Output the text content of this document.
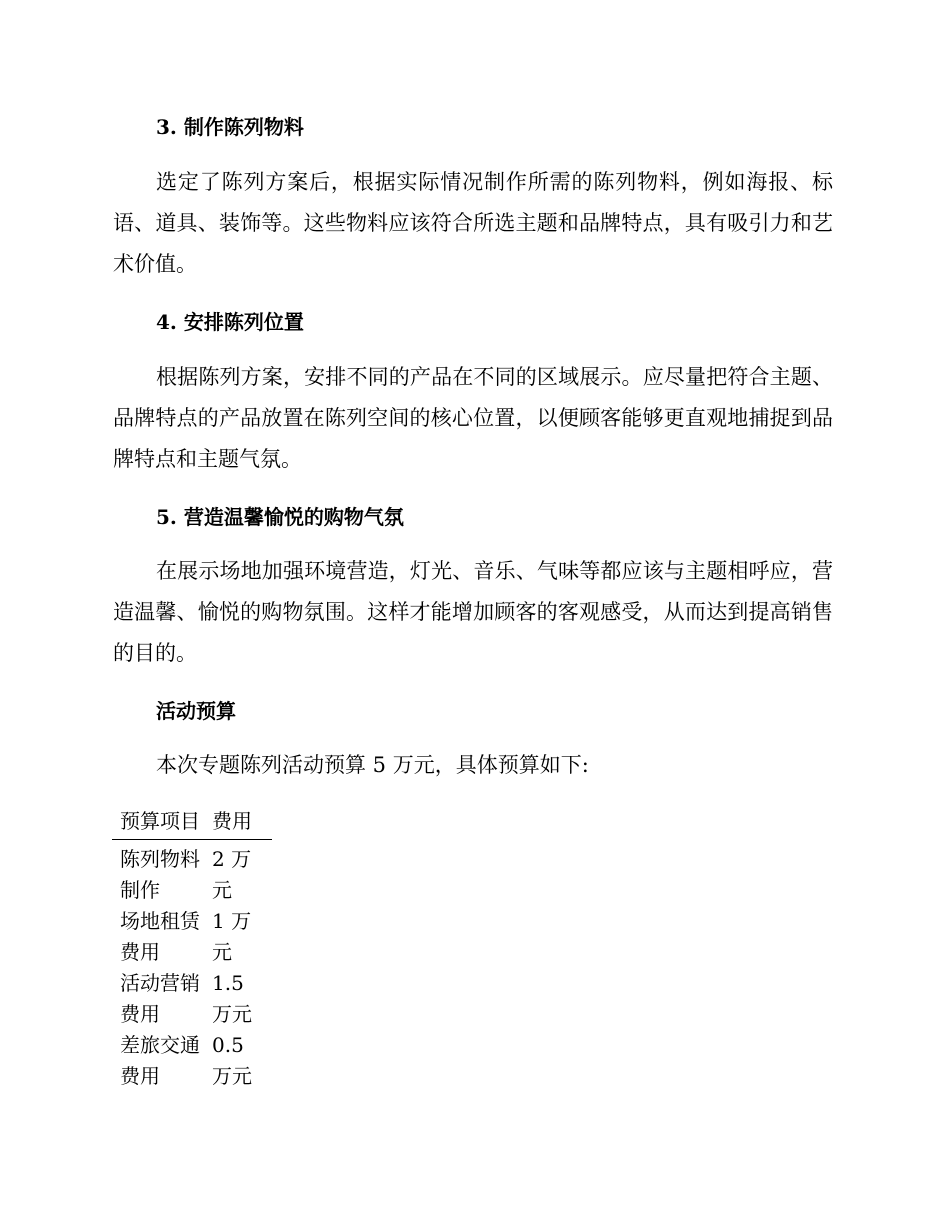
3. 制作陈列物料

选定了陈列方案后，根据实际情况制作所需的陈列物料，例如海报、标语、道具、装饰等。这些物料应该符合所选主题和品牌特点，具有吸引力和艺术价值。

4. 安排陈列位置

根据陈列方案，安排不同的产品在不同的区域展示。应尽量把符合主题、品牌特点的产品放置在陈列空间的核心位置，以便顾客能够更直观地捕捉到品牌特点和主题气氛。

5. 营造温馨愉悦的购物气氛

在展示场地加强环境营造，灯光、音乐、气味等都应该与主题相呼应，营造温馨、愉悦的购物氛围。这样才能增加顾客的客观感受，从而达到提高销售的目的。

活动预算

本次专题陈列活动预算 5 万元，具体预算如下:

预算项目	费用

陈列物料制作	2 万元

场地租赁费用	1 万元

活动营销费用	1.5 万元

差旅交通费用	0.5 万元
